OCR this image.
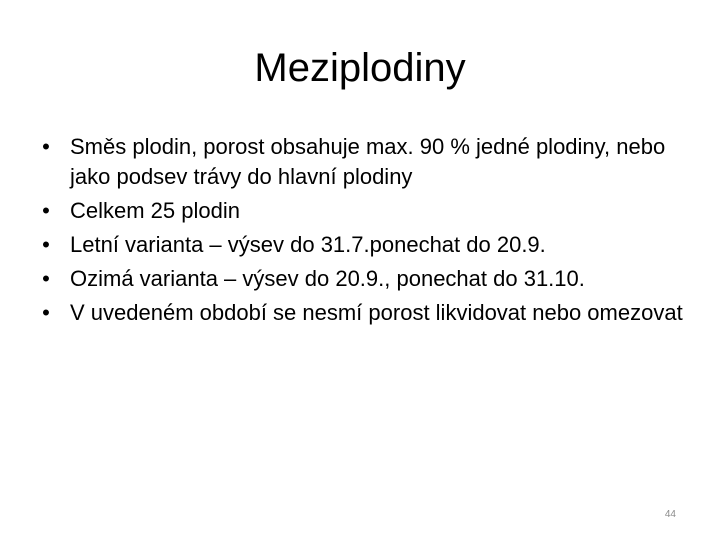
Meziplodiny
• Směs plodin, porost obsahuje max. 90 % jedné plodiny, nebo jako podsev trávy do hlavní plodiny
• Celkem 25 plodin
• Letní varianta – výsev do 31.7.ponechat do 20.9.
• Ozimá varianta – výsev do 20.9., ponechat do 31.10.
• V uvedeném období se nesmí porost likvidovat nebo omezovat
44
